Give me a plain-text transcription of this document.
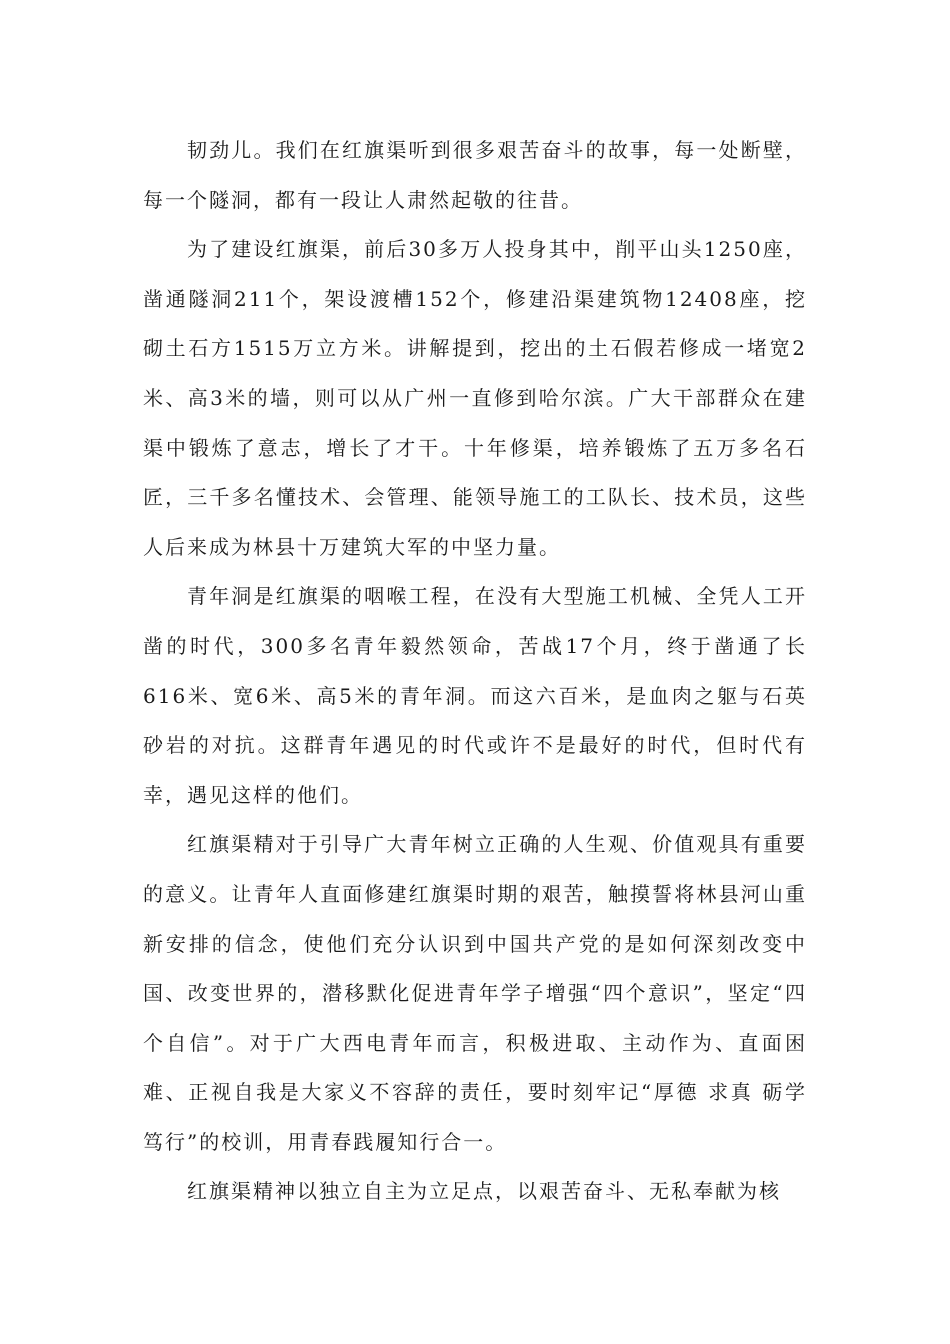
韧劲儿。我们在红旗渠听到很多艰苦奋斗的故事，每一处断壁，每一个隧洞，都有一段让人肃然起敬的往昔。

为了建设红旗渠，前后30多万人投身其中，削平山头1250座，凿通隧洞211个，架设渡槽152个，修建沿渠建筑物12408座，挖砌土石方1515万立方米。讲解提到，挖出的土石假若修成一堵宽2米、高3米的墙，则可以从广州一直修到哈尔滨。广大干部群众在建渠中锻炼了意志，增长了才干。十年修渠，培养锻炼了五万多名石匠，三千多名懂技术、会管理、能领导施工的工队长、技术员，这些人后来成为林县十万建筑大军的中坚力量。

青年洞是红旗渠的咽喉工程，在没有大型施工机械、全凭人工开凿的时代，300多名青年毅然领命，苦战17个月，终于凿通了长616米、宽6米、高5米的青年洞。而这六百米，是血肉之躯与石英砂岩的对抗。这群青年遇见的时代或许不是最好的时代，但时代有幸，遇见这样的他们。

红旗渠精对于引导广大青年树立正确的人生观、价值观具有重要的意义。让青年人直面修建红旗渠时期的艰苦，触摸誓将林县河山重新安排的信念，使他们充分认识到中国共产党的是如何深刻改变中国、改变世界的，潜移默化促进青年学子增强“四个意识”，坚定“四个自信”。对于广大西电青年而言，积极进取、主动作为、直面困难、正视自我是大家义不容辞的责任，要时刻牢记“厚德 求真 砺学 笃行”的校训，用青春践履知行合一。

红旗渠精神以独立自主为立足点，以艰苦奋斗、无私奉献为核
